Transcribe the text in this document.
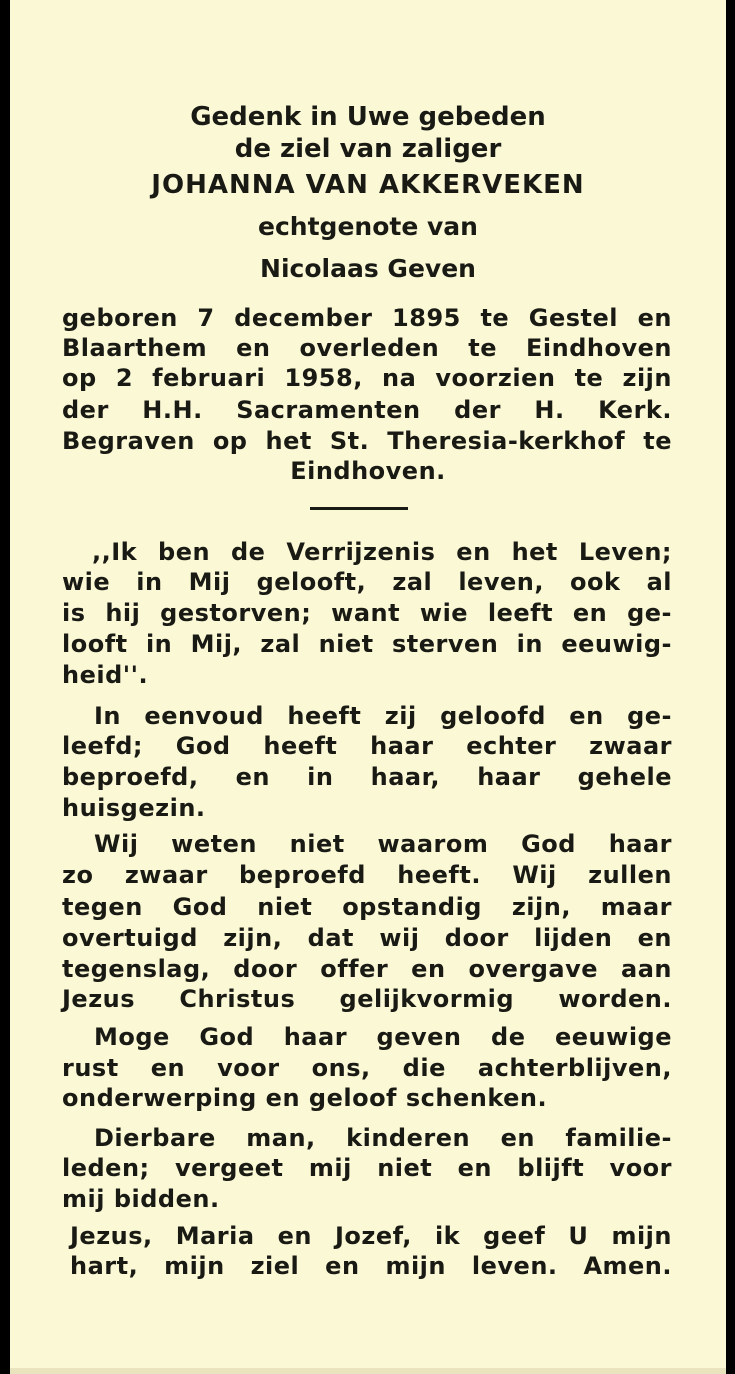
Gedenk in Uwe gebeden

de ziel van zaliger

JOHANNA VAN AKKERVEKEN

echtgenote van

Nicolaas Geven

geboren 7 december 1895 te Gestel en

Blaarthem en overleden te Eindhoven

op 2 februari 1958, na voorzien te zijn

der H.H. Sacramenten der H. Kerk.

Begraven op het St. Theresia-kerkhof te

Eindhoven.

,,Ik ben de Verrijzenis en het Leven;

wie in Mij gelooft, zal leven, ook al

is hij gestorven; want wie leeft en ge-

looft in Mij, zal niet sterven in eeuwig-

heid''.

In eenvoud heeft zij geloofd en ge-

leefd; God heeft haar echter zwaar

beproefd, en in haar, haar gehele

huisgezin.

Wij weten niet waarom God haar

zo zwaar beproefd heeft. Wij zullen

tegen God niet opstandig zijn, maar

overtuigd zijn, dat wij door lijden en

tegenslag, door offer en overgave aan

Jezus Christus gelijkvormig worden.

Moge God haar geven de eeuwige

rust en voor ons, die achterblijven,

onderwerping en geloof schenken.

Dierbare man, kinderen en familie-

leden; vergeet mij niet en blijft voor

mij bidden.

Jezus, Maria en Jozef, ik geef U mijn

hart, mijn ziel en mijn leven. Amen.
